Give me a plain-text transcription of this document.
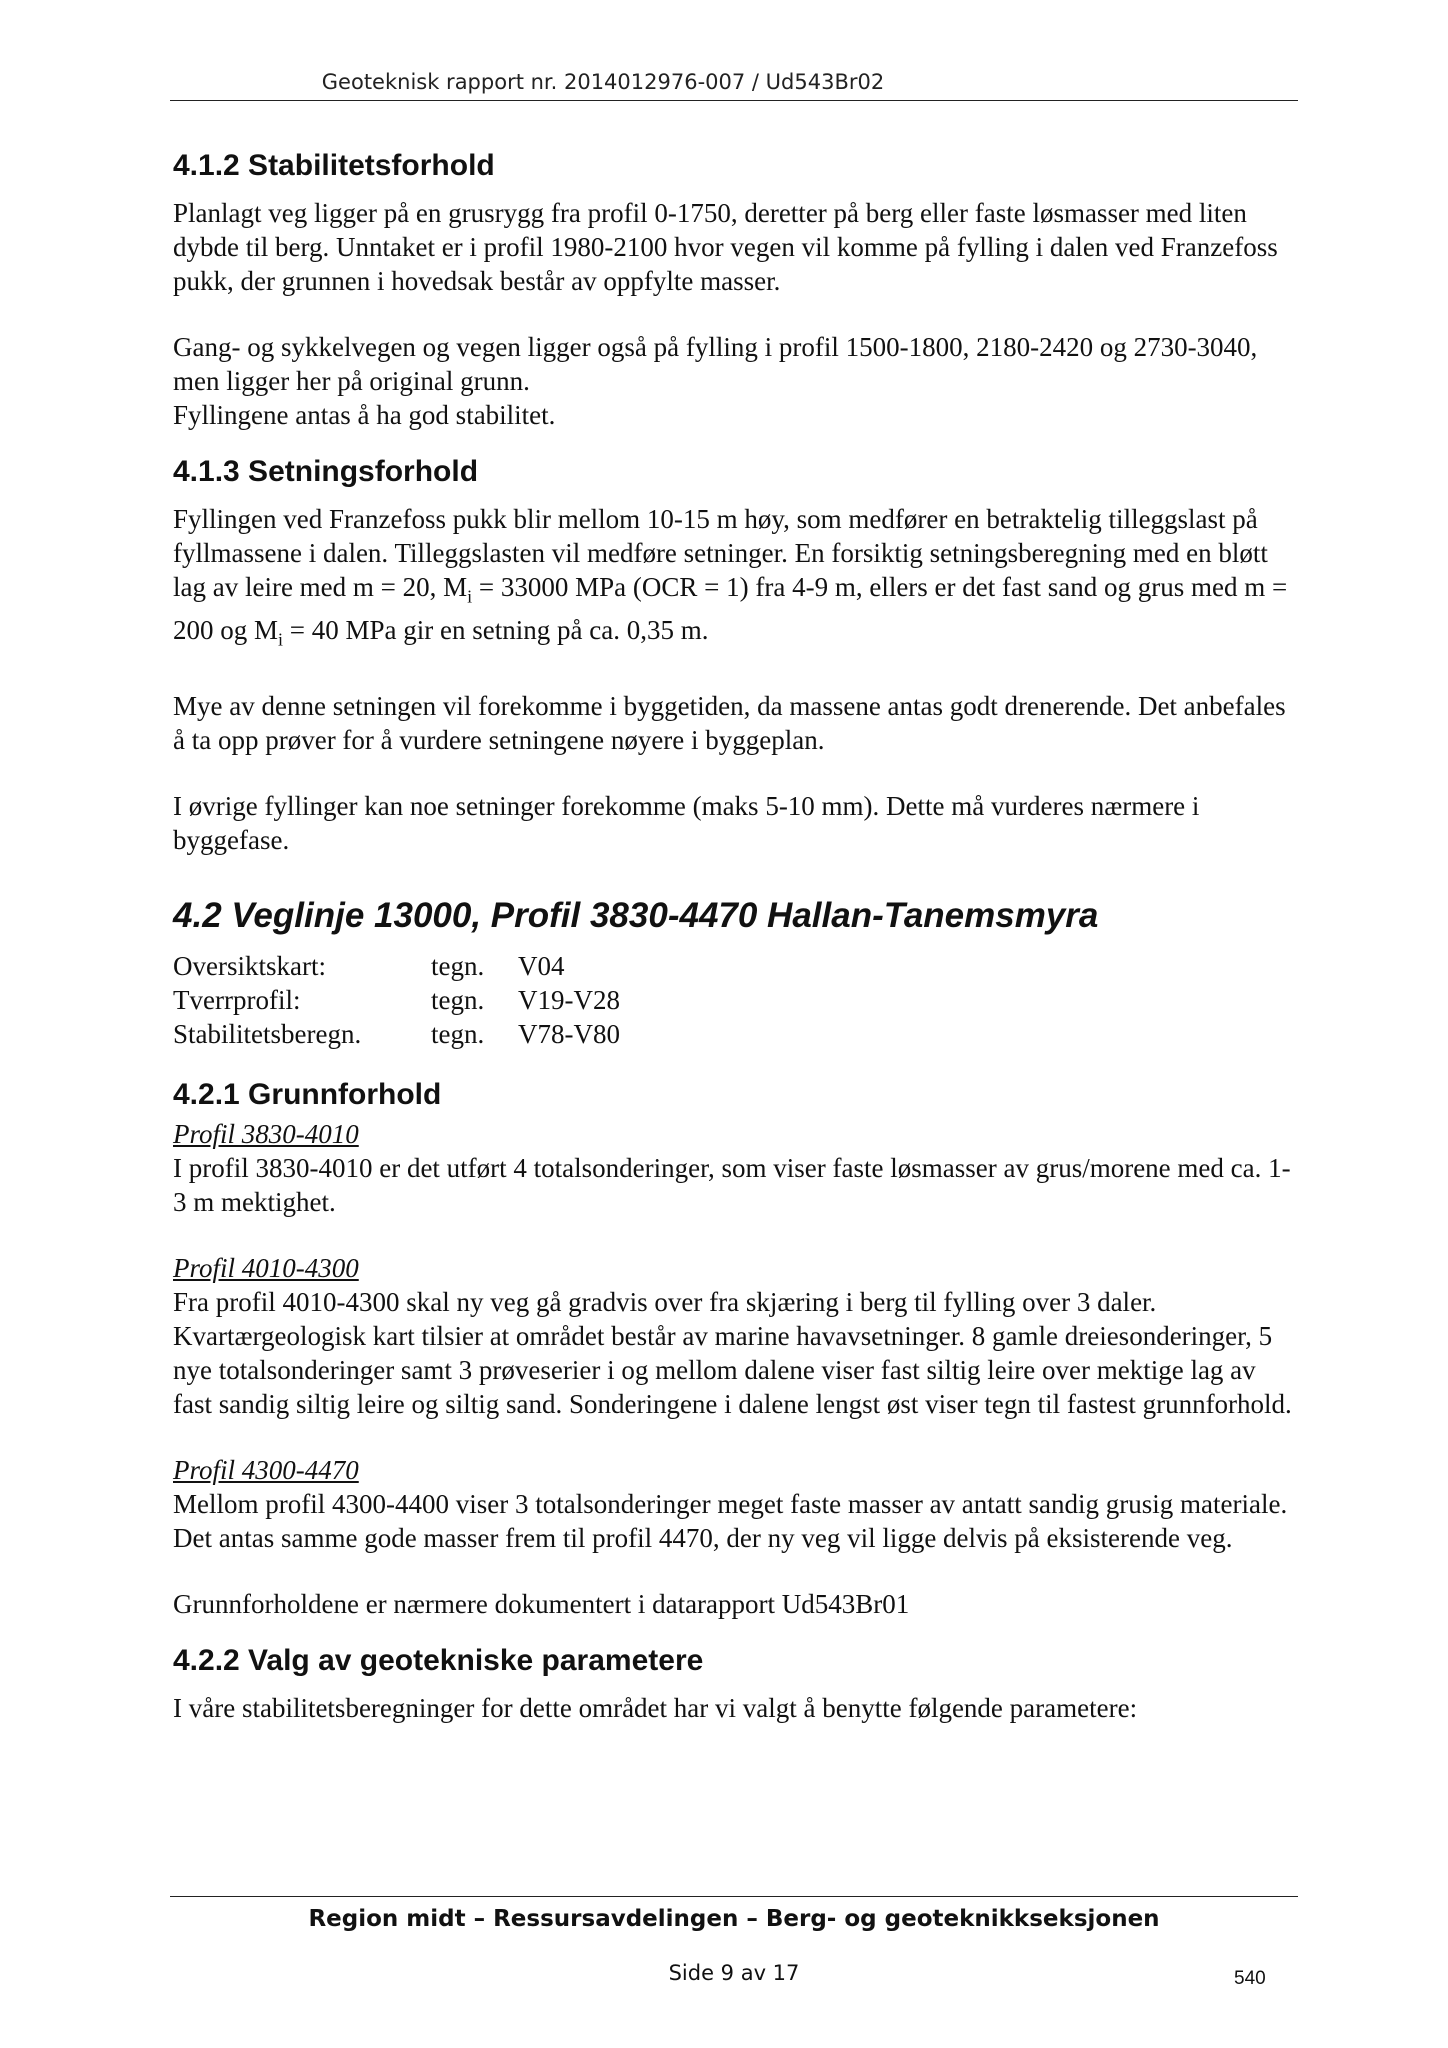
Geoteknisk rapport nr. 2014012976-007 / Ud543Br02
4.1.2 Stabilitetsforhold

Planlagt veg ligger på en grusrygg fra profil 0-1750, deretter på berg eller faste løsmasser med liten dybde til berg. Unntaket er i profil 1980-2100 hvor vegen vil komme på fylling i dalen ved Franzefoss pukk, der grunnen i hovedsak består av oppfylte masser.

Gang- og sykkelvegen og vegen ligger også på fylling i profil 1500-1800, 2180-2420 og 2730-3040, men ligger her på original grunn.

Fyllingene antas å ha god stabilitet.

4.1.3 Setningsforhold

Fyllingen ved Franzefoss pukk blir mellom 10-15 m høy, som medfører en betraktelig tilleggslast på fyllmassene i dalen. Tilleggslasten vil medføre setninger. En forsiktig setningsberegning med en bløtt lag av leire med m = 20, $M_i = 33000$ MPa (OCR = 1) fra 4-9 m, ellers er det fast sand og grus med m = 200 og $M_i = 40$ MPa gir en setning på ca. 0,35 m.

Mye av denne setningen vil forekomme i byggetiden, da massene antas godt drenerende. Det anbefales å ta opp prøver for å vurdere setningene nøyere i byggeplan.

I øvrige fyllinger kan noe setninger forekomme (maks 5-10 mm). Dette må vurderes nærmere i byggefase.

4.2 Veglinje 13000, Profil 3830-4470 Hallan-Tanemsmyra
Oversiktskart:	tegn.	V04
Tverrprofil:	tegn.	V19-V28
Stabilitetsberegn.	tegn.	V78-V80
4.2.1 Grunnforhold

Profil 3830-4010

I profil 3830-4010 er det utført 4 totalsonderinger, som viser faste løsmasser av grus/morene med ca. 1-3 m mektighet.

Profil 4010-4300

Fra profil 4010-4300 skal ny veg gå gradvis over fra skjæring i berg til fylling over 3 daler. Kvartærgeologisk kart tilsier at området består av marine havavsetninger. 8 gamle dreiesonderinger, 5 nye totalsonderinger samt 3 prøveserier i og mellom dalene viser fast siltig leire over mektige lag av fast sandig siltig leire og siltig sand. Sonderingene i dalene lengst øst viser tegn til fastest grunnforhold.

Profil 4300-4470

Mellom profil 4300-4400 viser 3 totalsonderinger meget faste masser av antatt sandig grusig materiale. Det antas samme gode masser frem til profil 4470, der ny veg vil ligge delvis på eksisterende veg.

Grunnforholdene er nærmere dokumentert i datarapport Ud543Br01

4.2.2 Valg av geotekniske parametere

I våre stabilitetsberegninger for dette området har vi valgt å benytte følgende parametere:

Region midt – Ressursavdelingen – Berg- og geoteknikkseksjonen
Side 9 av 17	540
